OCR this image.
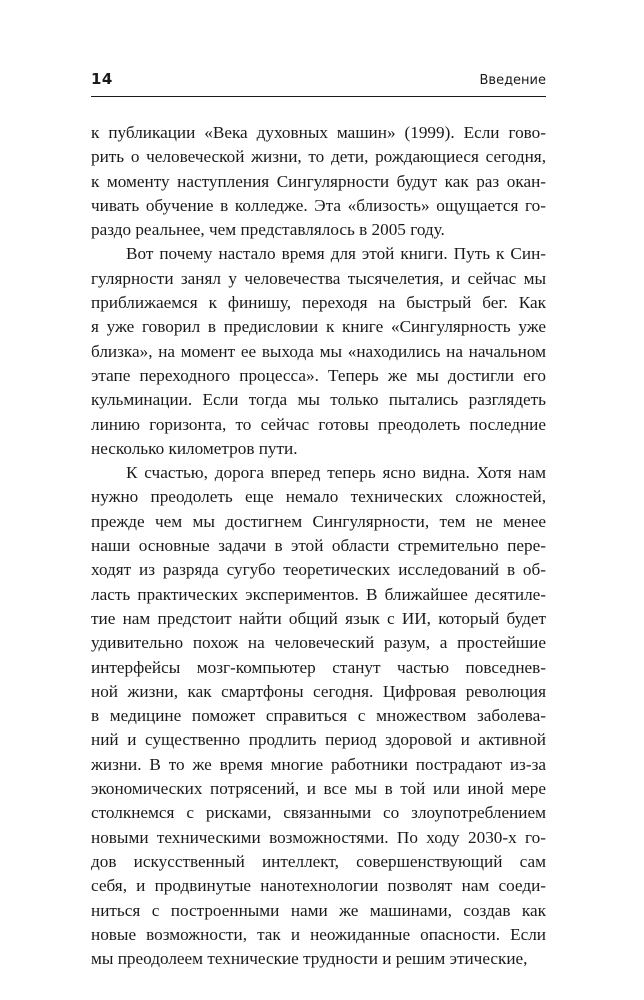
14	Введение
к публикации «Века духовных машин» (1999). Если гово-
рить о человеческой жизни, то дети, рождающиеся сегодня,
к моменту наступления Сингулярности будут как раз окан-
чивать обучение в колледже. Эта «близость» ощущается го-
раздо реальнее, чем представлялось в 2005 году.
Вот почему настало время для этой книги. Путь к Син-
гулярности занял у человечества тысячелетия, и сейчас мы
приближаемся к финишу, переходя на быстрый бег. Как
я уже говорил в предисловии к книге «Сингулярность уже
близка», на момент ее выхода мы «находились на начальном
этапе переходного процесса». Теперь же мы достигли его
кульминации. Если тогда мы только пытались разглядеть
линию горизонта, то сейчас готовы преодолеть последние
несколько километров пути.
К счастью, дорога вперед теперь ясно видна. Хотя нам
нужно преодолеть еще немало технических сложностей,
прежде чем мы достигнем Сингулярности, тем не менее
наши основные задачи в этой области стремительно пере-
ходят из разряда сугубо теоретических исследований в об-
ласть практических экспериментов. В ближайшее десятиле-
тие нам предстоит найти общий язык с ИИ, который будет
удивительно похож на человеческий разум, а простейшие
интерфейсы мозг-компьютер станут частью повседнев-
ной жизни, как смартфоны сегодня. Цифровая революция
в медицине поможет справиться с множеством заболева-
ний и существенно продлить период здоровой и активной
жизни. В то же время многие работники пострадают из-за
экономических потрясений, и все мы в той или иной мере
столкнемся с рисками, связанными со злоупотреблением
новыми техническими возможностями. По ходу 2030-х го-
дов искусственный интеллект, совершенствующий сам
себя, и продвинутые нанотехнологии позволят нам соеди-
ниться с построенными нами же машинами, создав как
новые возможности, так и неожиданные опасности. Если
мы преодолеем технические трудности и решим этические,
